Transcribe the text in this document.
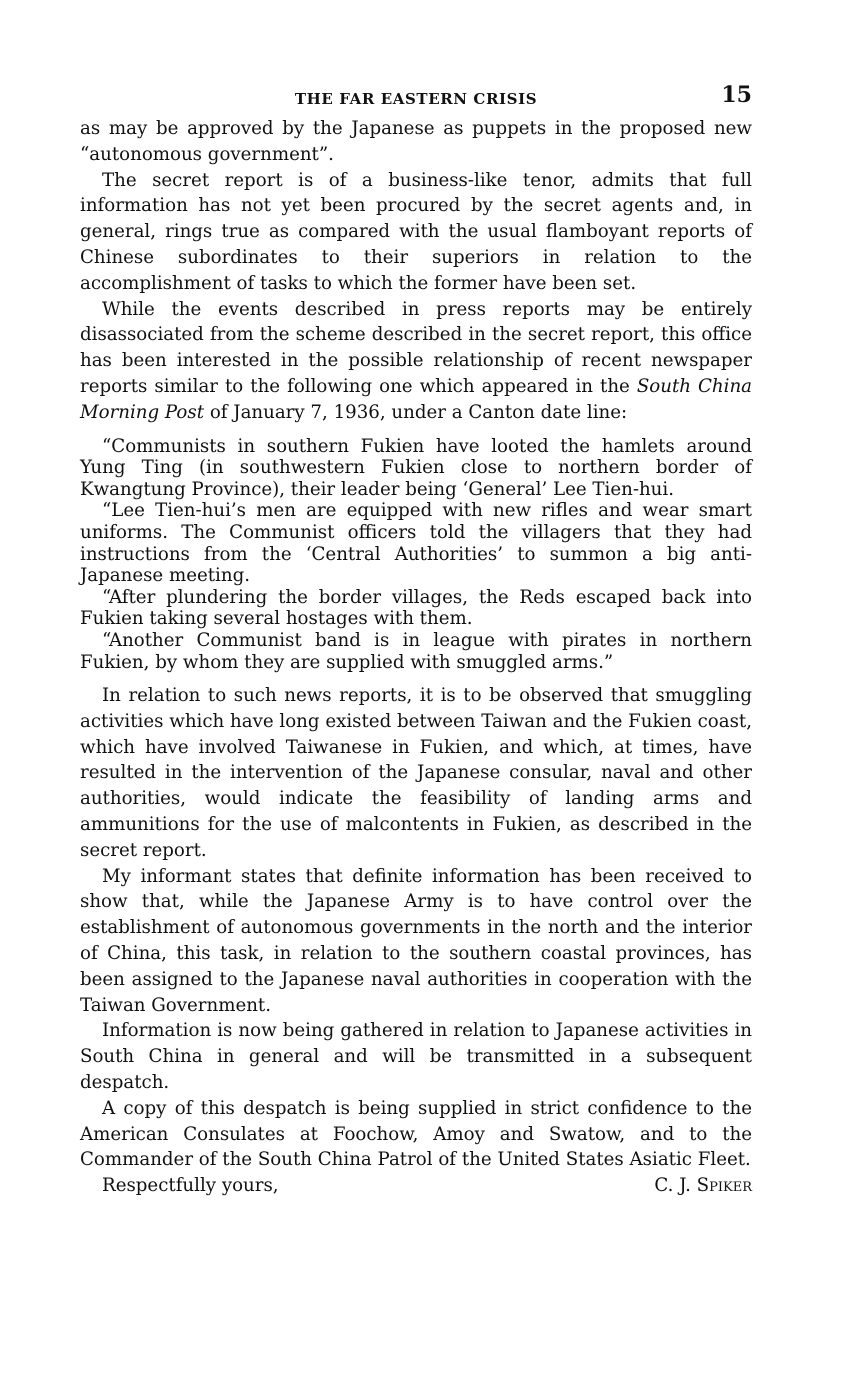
THE FAR EASTERN CRISIS	15

as may be approved by the Japanese as puppets in the proposed new “autonomous government”.

The secret report is of a business-like tenor, admits that full information has not yet been procured by the secret agents and, in general, rings true as compared with the usual flamboyant reports of Chinese subordinates to their superiors in relation to the accomplishment of tasks to which the former have been set.

While the events described in press reports may be entirely disassociated from the scheme described in the secret report, this office has been interested in the possible relationship of recent newspaper reports similar to the following one which appeared in the South China Morning Post of January 7, 1936, under a Canton date line:

“Communists in southern Fukien have looted the hamlets around Yung Ting (in southwestern Fukien close to northern border of Kwangtung Province), their leader being ‘General’ Lee Tien-hui.

“Lee Tien-hui’s men are equipped with new rifles and wear smart uniforms. The Communist officers told the villagers that they had instructions from the ‘Central Authorities’ to summon a big anti-Japanese meeting.

“After plundering the border villages, the Reds escaped back into Fukien taking several hostages with them.

“Another Communist band is in league with pirates in northern Fukien, by whom they are supplied with smuggled arms.”

In relation to such news reports, it is to be observed that smuggling activities which have long existed between Taiwan and the Fukien coast, which have involved Taiwanese in Fukien, and which, at times, have resulted in the intervention of the Japanese consular, naval and other authorities, would indicate the feasibility of landing arms and ammunitions for the use of malcontents in Fukien, as described in the secret report.

My informant states that definite information has been received to show that, while the Japanese Army is to have control over the establishment of autonomous governments in the north and the interior of China, this task, in relation to the southern coastal provinces, has been assigned to the Japanese naval authorities in cooperation with the Taiwan Government.

Information is now being gathered in relation to Japanese activities in South China in general and will be transmitted in a subsequent despatch.

A copy of this despatch is being supplied in strict confidence to the American Consulates at Foochow, Amoy and Swatow, and to the Commander of the South China Patrol of the United States Asiatic Fleet.

Respectfully yours,	C. J. Spiker
